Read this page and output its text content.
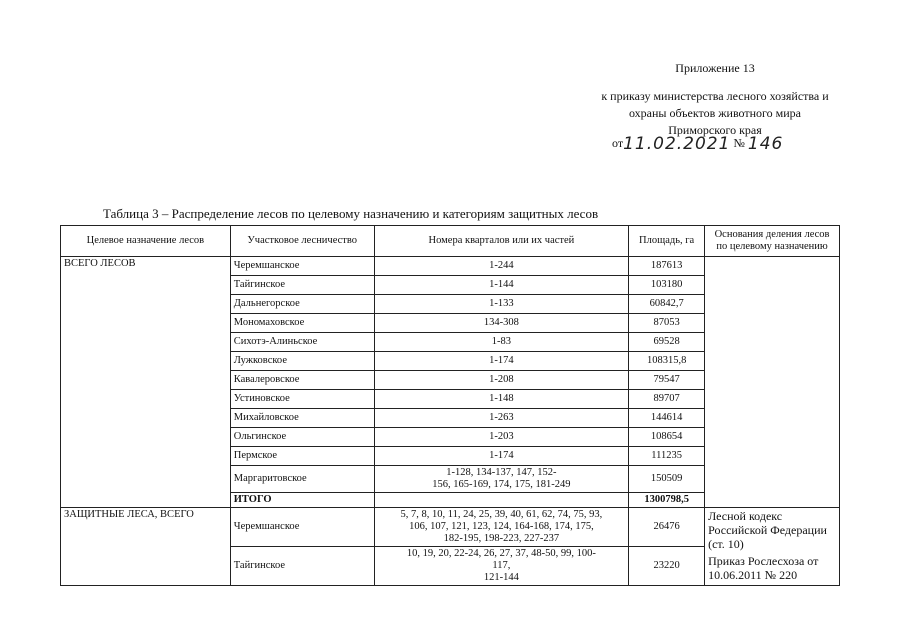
Приложение 13
к приказу министерства лесного хозяйства и
охраны объектов животного мира
Приморского края
от11.02.2021 № 146
Таблица 3 – Распределение лесов по целевому назначению и категориям защитных лесов
Целевое назначение лесов	Участковое лесничество	Номера кварталов или их частей	Площадь, га	Основания деления лесов по целевому назначению
ВСЕГО ЛЕСОВ	Черемшанское	1-244	187613	
	Тайгинское	1-144	103180	
	Дальнегорское	1-133	60842,7	
	Мономаховское	134-308	87053	
	Сихотэ-Алиньское	1-83	69528	
	Лужковское	1-174	108315,8	
	Кавалеровское	1-208	79547	
	Устиновское	1-148	89707	
	Михайловское	1-263	144614	
	Ольгинское	1-203	108654	
	Пермское	1-174	111235	
	Маргаритовское	1-128, 134-137, 147, 152-
156, 165-169, 174, 175, 181-249	150509	
	ИТОГО		1300798,5	
ЗАЩИТНЫЕ ЛЕСА, ВСЕГО	Черемшанское	5, 7, 8, 10, 11, 24, 25, 39, 40, 61, 62, 74, 75, 93,
106, 107, 121, 123, 124, 164-168, 174, 175,
182-195, 198-223, 227-237	26476	Лесной кодекс Российской Федерации (ст. 10)
Приказ Рослесхоза от 10.06.2011 № 220

	Тайгинское	10, 19, 20, 22-24, 26, 27, 37, 48-50, 99, 100-
117,
121-144	23220	
